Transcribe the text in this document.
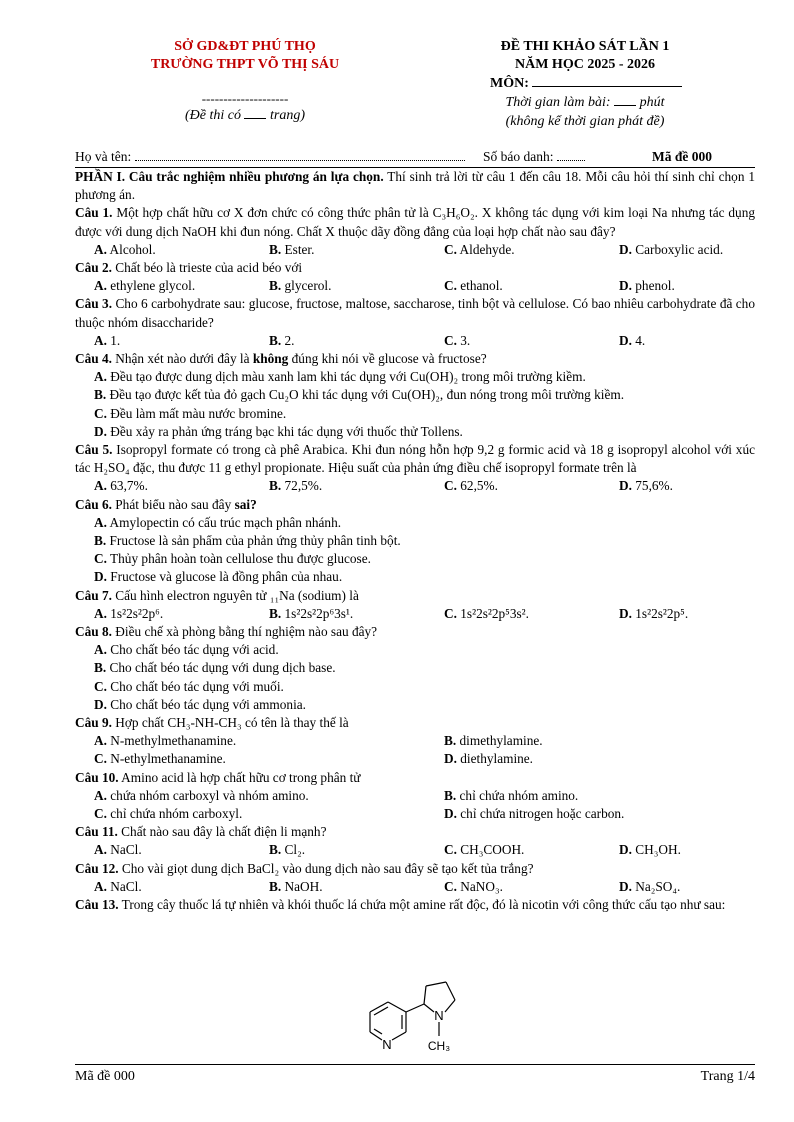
SỞ GD&ĐT PHÚ THỌ
TRƯỜNG THPT VÕ THỊ SÁU
--------------------
(Đề thi có trang)
ĐỀ THI KHẢO SÁT LẦN 1
NĂM HỌC 2025 - 2026
MÔN:
Thời gian làm bài: phút
(không kể thời gian phát đề)
Họ và tên:	Số báo danh:	Mã đề 000

PHẦN I. Câu trắc nghiệm nhiều phương án lựa chọn. Thí sinh trả lời từ câu 1 đến câu 18. Mỗi câu hỏi thí sinh chỉ chọn 1 phương án.

Câu 1. Một hợp chất hữu cơ X đơn chức có công thức phân tử là C₃H₆O₂. X không tác dụng với kim loại Na nhưng tác dụng được với dung dịch NaOH khi đun nóng. Chất X thuộc dãy đồng đẳng của loại hợp chất nào sau đây?

A. Alcohol.	B. Ester.	C. Aldehyde.	D. Carboxylic acid.

Câu 2. Chất béo là trieste của acid béo với

A. ethylene glycol.	B. glycerol.	C. ethanol.	D. phenol.

Câu 3. Cho 6 carbohydrate sau: glucose, fructose, maltose, saccharose, tinh bột và cellulose. Có bao nhiêu carbohydrate đã cho thuộc nhóm disaccharide?

A. 1.	B. 2.	C. 3.	D. 4.

Câu 4. Nhận xét nào dưới đây là không đúng khi nói về glucose và fructose?

A. Đều tạo được dung dịch màu xanh lam khi tác dụng với Cu(OH)₂ trong môi trường kiềm.
B. Đều tạo được kết tủa đỏ gạch Cu₂O khi tác dụng với Cu(OH)₂, đun nóng trong môi trường kiềm.
C. Đều làm mất màu nước bromine.
D. Đều xảy ra phản ứng tráng bạc khi tác dụng với thuốc thử Tollens.

Câu 5. Isopropyl formate có trong cà phê Arabica. Khi đun nóng hỗn hợp 9,2 g formic acid và 18 g isopropyl alcohol với xúc tác H₂SO₄ đặc, thu được 11 g ethyl propionate. Hiệu suất của phản ứng điều chế isopropyl formate trên là

A. 63,7%.	B. 72,5%.	C. 62,5%.	D. 75,6%.

Câu 6. Phát biểu nào sau đây sai?

A. Amylopectin có cấu trúc mạch phân nhánh.
B. Fructose là sản phẩm của phản ứng thủy phân tinh bột.
C. Thủy phân hoàn toàn cellulose thu được glucose.
D. Fructose và glucose là đồng phân của nhau.

Câu 7. Cấu hình electron nguyên tử ₁₁Na (sodium) là

A. 1s²2s²2p⁶.	B. 1s²2s²2p⁶3s¹.	C. 1s²2s²2p⁵3s².	D. 1s²2s²2p⁵.

Câu 8. Điều chế xà phòng bằng thí nghiệm nào sau đây?

A. Cho chất béo tác dụng với acid.
B. Cho chất béo tác dụng với dung dịch base.
C. Cho chất béo tác dụng với muối.
D. Cho chất béo tác dụng với ammonia.

Câu 9. Hợp chất CH₃-NH-CH₃ có tên là thay thế là

A. N-methylmethanamine.	B. dimethylamine.
C. N-ethylmethanamine.	D. diethylamine.

Câu 10. Amino acid là hợp chất hữu cơ trong phân tử

A. chứa nhóm carboxyl và nhóm amino.	B. chỉ chứa nhóm amino.
C. chỉ chứa nhóm carboxyl.	D. chỉ chứa nitrogen hoặc carbon.

Câu 11. Chất nào sau đây là chất điện li mạnh?

A. NaCl.	B. Cl₂.	C. CH₃COOH.	D. CH₃OH.

Câu 12. Cho vài giọt dung dịch BaCl₂ vào dung dịch nào sau đây sẽ tạo kết tủa trắng?

A. NaCl.	B. NaOH.	C. NaNO₃.	D. Na₂SO₄.

Câu 13. Trong cây thuốc lá tự nhiên và khói thuốc lá chứa một amine rất độc, đó là nicotin với công thức cấu tạo như sau:

N
N
CH₃
Mã đề 000	Trang 1/4
